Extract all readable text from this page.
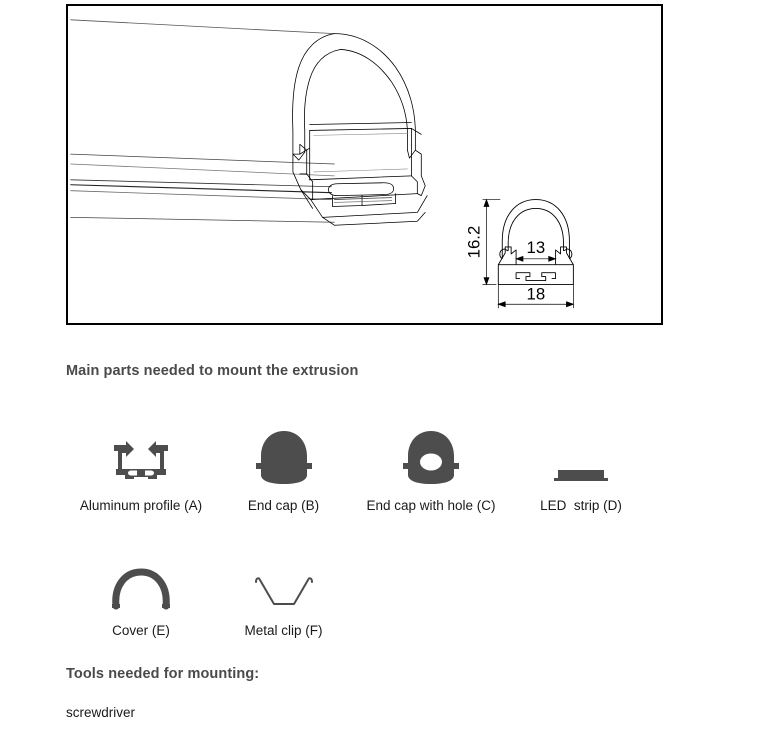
16.2	13
18
Main parts needed to mount the extrusion
Aluminum profile (A)	End cap (B)	End cap with hole (C)	LED  strip (D)
Cover (E)	Metal clip (F)
Tools needed for mounting:
screwdriver
